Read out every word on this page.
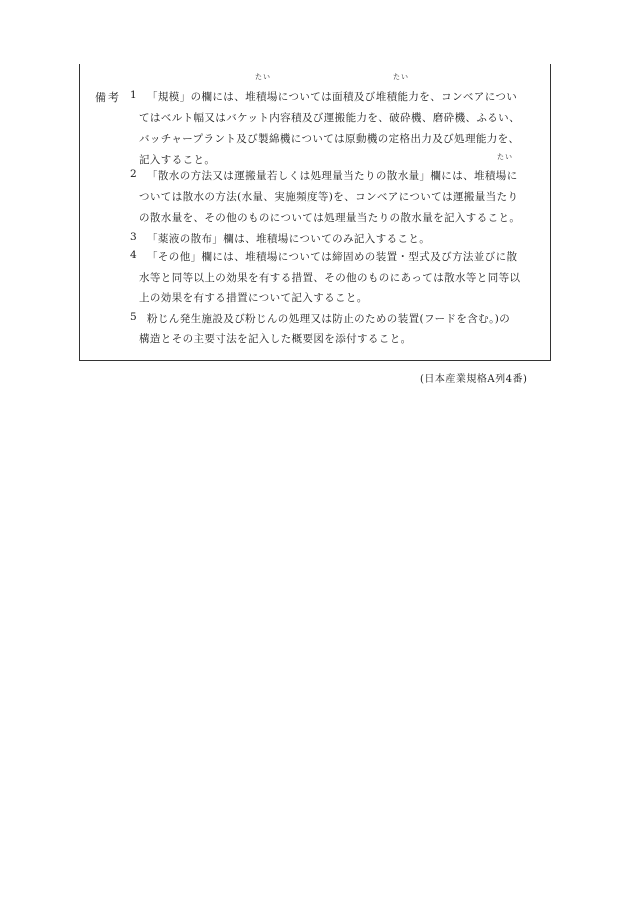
たい	たい
たい
備考 1 「規模」の欄には、堆積場については面積及び堆積能力を、コンベアについ
てはベルト幅又はバケット内容積及び運搬能力を、破砕機、磨砕機、ふるい、
バッチャープラント及び製綿機については原動機の定格出力及び処理能力を、
記入すること。
2 「散水の方法又は運搬量若しくは処理量当たりの散水量」欄には、堆積場に
ついては散水の方法(水量、実施頻度等)を、コンベアについては運搬量当たり
の散水量を、その他のものについては処理量当たりの散水量を記入すること。
3 「薬液の散布」欄は、堆積場についてのみ記入すること。
4 「その他」欄には、堆積場については締固めの装置・型式及び方法並びに散
水等と同等以上の効果を有する措置、その他のものにあっては散水等と同等以
上の効果を有する措置について記入すること。
5 粉じん発生施設及び粉じんの処理又は防止のための装置(フードを含む。)の
構造とその主要寸法を記入した概要図を添付すること。
(日本産業規格A列4番)
